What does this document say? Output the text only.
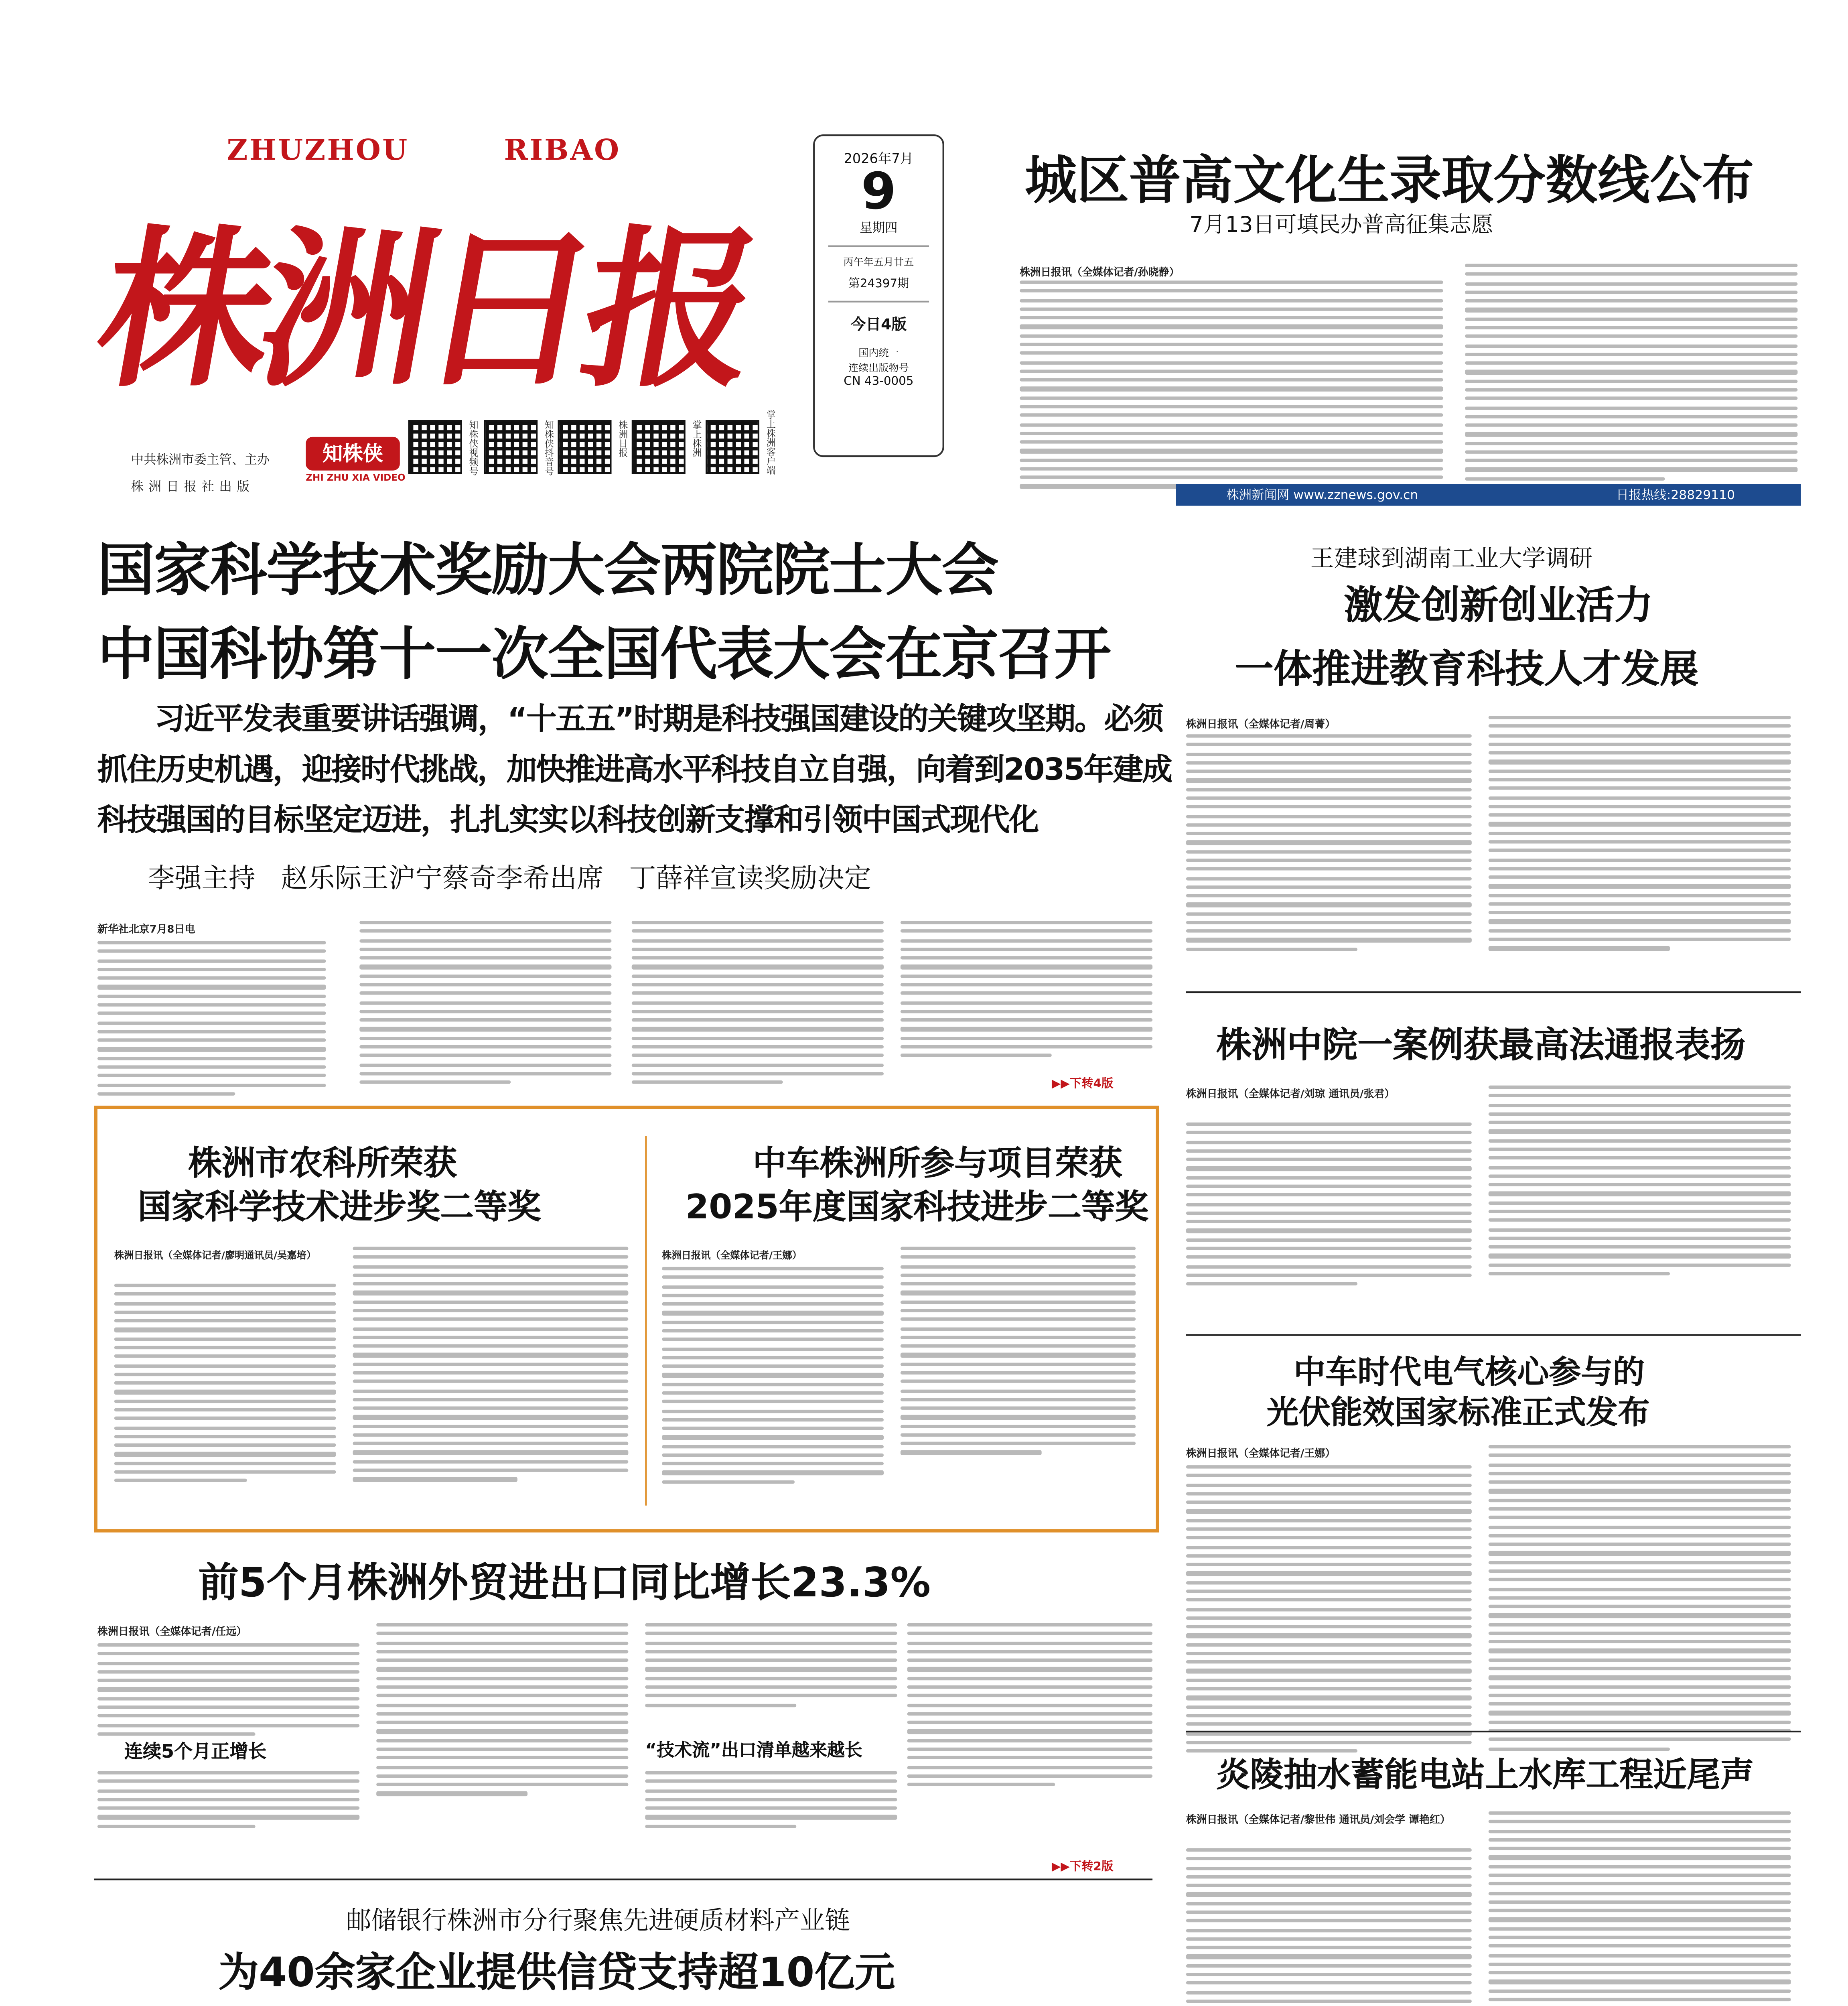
ZHUZHOU	RIBAO
株洲日报
中共株洲市委主管、主办
株洲日报社出版
知株侠
ZHI ZHU XIA VIDEO
知株侠视频号	知株侠抖音号	株洲日报	掌上株洲	掌上株洲客户端
2026年7月
9
星期四
丙午年五月廿五
第24397期
今日4版
国内统一
连续出版物号
CN 43-0005
城区普高文化生录取分数线公布
7月13日可填民办普高征集志愿
株洲日报讯（全媒体记者/孙晓静）
株洲新闻网 www.zznews.gov.cn	日报热线:28829110
国家科学技术奖励大会两院院士大会
中国科协第十一次全国代表大会在京召开
习近平发表重要讲话强调，“十五五”时期是科技强国建设的关键攻坚期。必须
抓住历史机遇，迎接时代挑战，加快推进高水平科技自立自强，向着到2035年建成
科技强国的目标坚定迈进，扎扎实实以科技创新支撑和引领中国式现代化
李强主持   赵乐际王沪宁蔡奇李希出席   丁薛祥宣读奖励决定
新华社北京7月8日电
▶▶下转4版
王建球到湖南工业大学调研
激发创新创业活力
一体推进教育科技人才发展
株洲日报讯（全媒体记者/周菁）
株洲市农科所荣获
国家科学技术进步奖二等奖
中车株洲所参与项目荣获
2025年度国家科技进步二等奖
株洲日报讯（全媒体记者/廖明通讯员/吴嘉培）	株洲日报讯（全媒体记者/王娜）
株洲中院一案例获最高法通报表扬
株洲日报讯（全媒体记者/刘琼 通讯员/张君）
中车时代电气核心参与的
光伏能效国家标准正式发布
株洲日报讯（全媒体记者/王娜）
前5个月株洲外贸进出口同比增长23.3%
株洲日报讯（全媒体记者/任远）
连续5个月正增长	“技术流”出口清单越来越长
▶▶下转2版
炎陵抽水蓄能电站上水库工程近尾声
株洲日报讯（全媒体记者/黎世伟 通讯员/刘会学 谭艳红）
邮储银行株洲市分行聚焦先进硬质材料产业链
为40余家企业提供信贷支持超10亿元
